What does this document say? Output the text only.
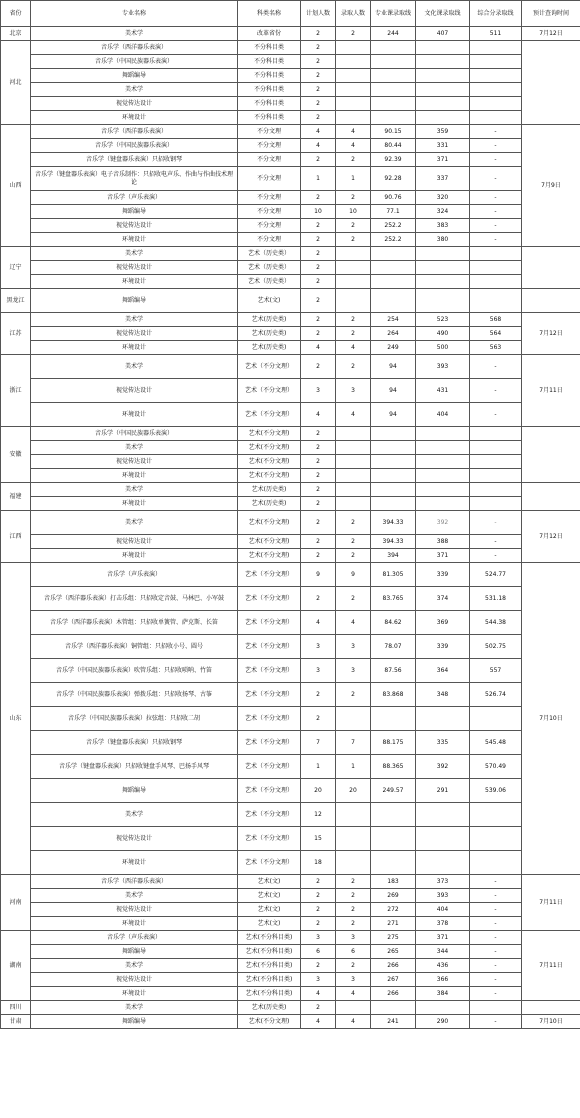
省份	专业名称	科类名称	计划人数	录取人数	专业课录取线	文化课录取线	综合分录取线	预计查询时间
北京	美术学	改革省份	2	2	244	407	511	7月12日
河北	音乐学（西洋器乐表演）	不分科目类	2					
	音乐学（中国民族器乐表演）	不分科目类	2					
	舞蹈编导	不分科目类	2					
	美术学	不分科目类	2					
	视觉传达设计	不分科目类	2					
	环境设计	不分科目类	2					
山西	音乐学（西洋器乐表演）	不分文理	4	4	90.15	359	-	7月9日
	音乐学（中国民族器乐表演）	不分文理	4	4	80.44	331	-	
	音乐学（键盘器乐表演）只招收钢琴	不分文理	2	2	92.39	371	-	
	音乐学（键盘器乐表演）电子音乐制作：只招收电声乐、作曲与作曲技术理论	不分文理	1	1	92.28	337	-	
	音乐学（声乐表演）	不分文理	2	2	90.76	320	-	
	舞蹈编导	不分文理	10	10	77.1	324	-	
	视觉传达设计	不分文理	2	2	252.2	383	-	
	环境设计	不分文理	2	2	252.2	380	-	
辽宁	美术学	艺术（历史类）	2					
	视觉传达设计	艺术（历史类）	2					
	环境设计	艺术（历史类）	2					
黑龙江	舞蹈编导	艺术(文)	2					
江苏	美术学	艺术(历史类)	2	2	254	523	568	7月12日
	视觉传达设计	艺术(历史类)	2	2	264	490	564	
	环境设计	艺术(历史类)	4	4	249	500	563	
浙江	美术学	艺术（不分文理）	2	2	94	393	-	7月11日
	视觉传达设计	艺术（不分文理）	3	3	94	431	-	
	环境设计	艺术（不分文理）	4	4	94	404	-	
安徽	音乐学（中国民族器乐表演）	艺术(不分文理)	2					
	美术学	艺术(不分文理)	2					
	视觉传达设计	艺术(不分文理)	2					
	环境设计	艺术(不分文理)	2					
福建	美术学	艺术(历史类)	2					
	环境设计	艺术(历史类)	2					
江西	美术学	艺术(不分文理)	2	2	394.33	392	-	7月12日
	视觉传达设计	艺术(不分文理)	2	2	394.33	388	-	
	环境设计	艺术(不分文理)	2	2	394	371	-	
山东	音乐学（声乐表演）	艺术（不分文理）	9	9	81.305	339	524.77	7月10日
	音乐学（西洋器乐表演）打击乐组：只招收定音鼓、马林巴、小军鼓	艺术（不分文理）	2	2	83.765	374	531.18	
	音乐学（西洋器乐表演）木管组：只招收单簧管、萨克斯、长笛	艺术（不分文理）	4	4	84.62	369	544.38	
	音乐学（西洋器乐表演）铜管组：只招收小号、圆号	艺术（不分文理）	3	3	78.07	339	502.75	
	音乐学（中国民族器乐表演）吹管乐组：只招收唢呐、竹笛	艺术（不分文理）	3	3	87.56	364	557	
	音乐学（中国民族器乐表演）弹拨乐组：只招收扬琴、古筝	艺术（不分文理）	2	2	83.868	348	526.74	
	音乐学（中国民族器乐表演）拉弦组：只招收二胡	艺术（不分文理）	2					
	音乐学（键盘器乐表演）只招收钢琴	艺术（不分文理）	7	7	88.175	335	545.48	
	音乐学（键盘器乐表演）只招收键盘手风琴、巴扬手风琴	艺术（不分文理）	1	1	88.365	392	570.49	
	舞蹈编导	艺术（不分文理）	20	20	249.57	291	539.06	
	美术学	艺术（不分文理）	12					
	视觉传达设计	艺术（不分文理）	15					
	环境设计	艺术（不分文理）	18					
河南	音乐学（西洋器乐表演）	艺术(文)	2	2	183	373	-	7月11日
	美术学	艺术(文)	2	2	269	393	-	
	视觉传达设计	艺术(文)	2	2	272	404	-	
	环境设计	艺术(文)	2	2	271	378	-	
湖南	音乐学（声乐表演）	艺术(不分科目类)	3	3	275	371	-	7月11日
	舞蹈编导	艺术(不分科目类)	6	6	265	344	-	
	美术学	艺术(不分科目类)	2	2	266	436	-	
	视觉传达设计	艺术(不分科目类)	3	3	267	366	-	
	环境设计	艺术(不分科目类)	4	4	266	384	-	
四川	美术学	艺术(历史类)	2					
甘肃	舞蹈编导	艺术(不分文理)	4	4	241	290	-	7月10日
